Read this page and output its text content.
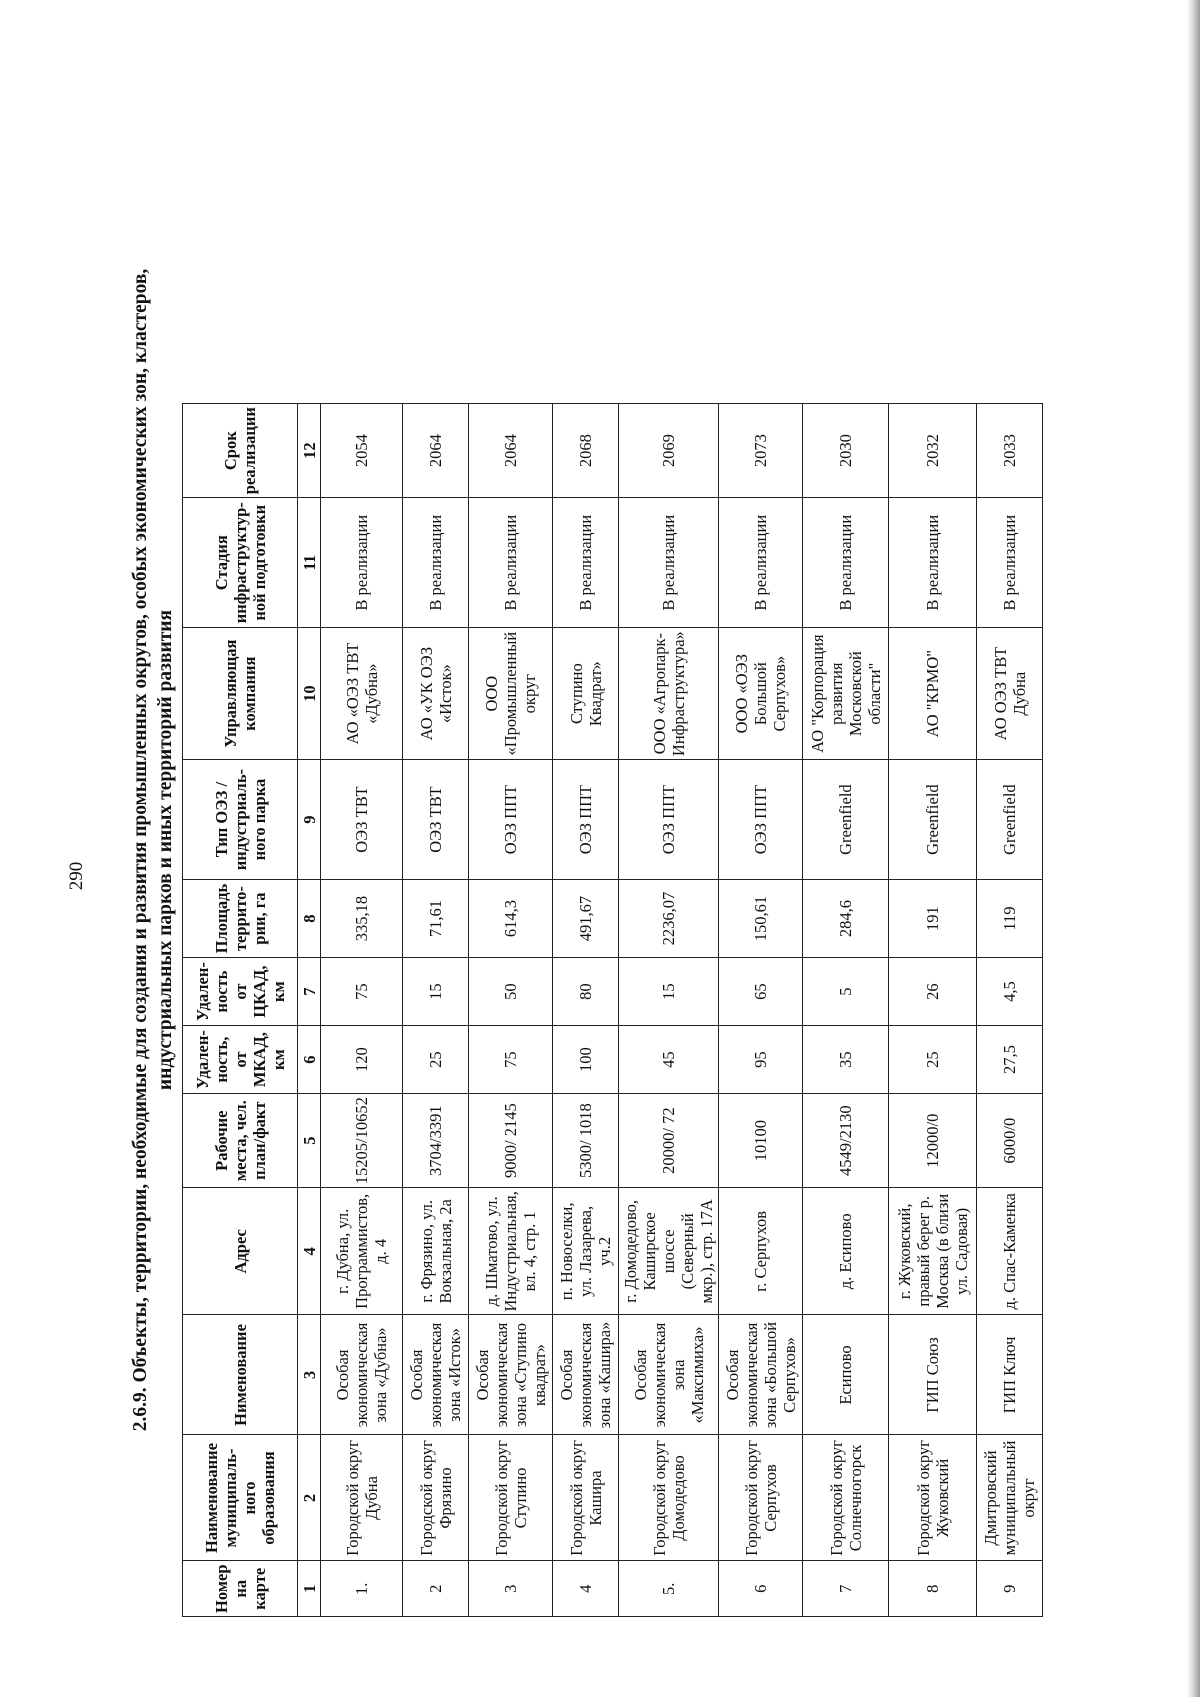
290 2.6.9. Объекты, территории, необходимые для создания и развития промышленных округов, особых экономических зон, кластеров, индустриальных парков и иных территорий развития
Номер на карте	Наименование муниципаль-ного образования	Нименование	Адрес	Рабочие места, чел. план/факт	Удален-ность, от МКАД, км	Удален-ность от ЦКАД, км	Площадь террито-рии, га	Тип ОЭЗ / индустриаль-ного парка	Управляющая компания	Стадия инфраструктур-ной подготовки	Срок реализации
1	2	3	4	5	6	7	8	9	10	11	12
1.	Городской округ Дубна	Особая экономическая зона «Дубна»	г. Дубна, ул. Программистов, д. 4	15205/10652	120	75	335,18	ОЭЗ ТВТ	АО «ОЭЗ ТВТ «Дубна»	В реализации	2054
2	Городской округ Фрязино	Особая экономическая зона «Исток»	г. Фрязино, ул. Вокзальная, 2а	3704/3391	25	15	71,61	ОЭЗ ТВТ	АО «УК ОЭЗ «Исток»	В реализации	2064
3	Городской округ Ступино	Особая экономическая зона «Ступино квадрат»	д. Шматово, ул. Индустриальная, вл. 4, стр. 1	9000/ 2145	75	50	614,3	ОЭЗ ППТ	ООО «Промышленный округ	В реализации	2064
4	Городской округ Кашира	Особая экономическая зона «Кашира»	п. Новоселки, ул. Лазарева, уч.2	5300/ 1018	100	80	491,67	ОЭЗ ППТ	Ступино Квадрат»	В реализации	2068
5.	Городской округ Домодедово	Особая экономическая зона «Максимиха»	г. Домодедово, Каширское шоссе (Северный мкр.), стр. 17А	20000/ 72	45	15	2236,07	ОЭЗ ППТ	ООО «Агропарк-Инфраструктура»	В реализации	2069
6	Городской округ Серпухов	Особая экономическая зона «Большой Серпухов»	г. Серпухов	10100	95	65	150,61	ОЭЗ ППТ	ООО «ОЭЗ Большой Серпухов»	В реализации	2073
7	Городской округ Солнечногорск	Есипово	д. Есипово	4549/2130	35	5	284,6	Greenfield	АО "Корпорация развития Московской области"	В реализации	2030
8	Городской округ Жуковский	ГИП Союз	г. Жуковский, правый берег р. Москва (в близи ул. Садовая)	12000/0	25	26	191	Greenfield	АО "КРМО"	В реализации	2032
9	Дмитровский муниципальный округ	ГИП Ключ	д. Спас-Каменка	6000/0	27,5	4,5	119	Greenfield	АО ОЭЗ ТВТ Дубна	В реализации	2033
